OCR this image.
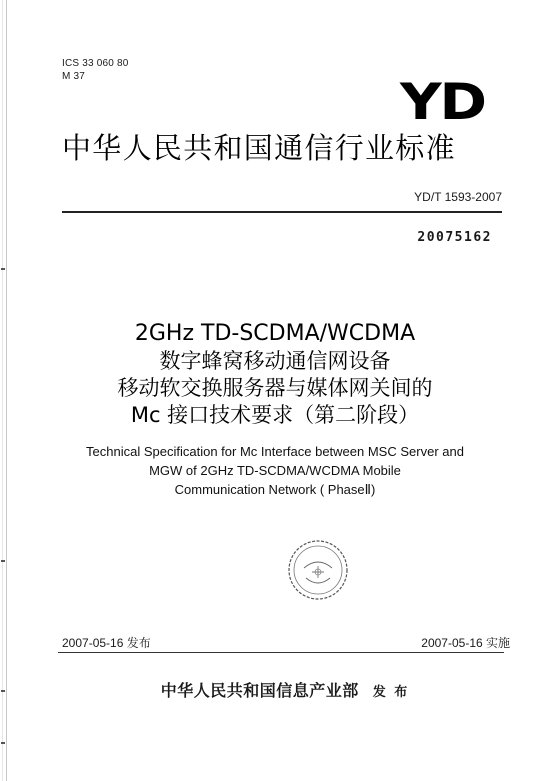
ICS 33 060 80
M 37	YD
中华人民共和国通信行业标准
YD/T 1593-2007
20075162
2GHz TD-SCDMA/WCDMA
数字蜂窝移动通信网设备
移动软交换服务器与媒体网关间的
Mc 接口技术要求（第二阶段）
Technical Specification for Mc Interface between MSC Server and
MGW of 2GHz TD-SCDMA/WCDMA Mobile
Communication Network ( PhaseⅡ)
2007-05-16 发布	2007-05-16 实施
中华人民共和国信息产业部 发 布
